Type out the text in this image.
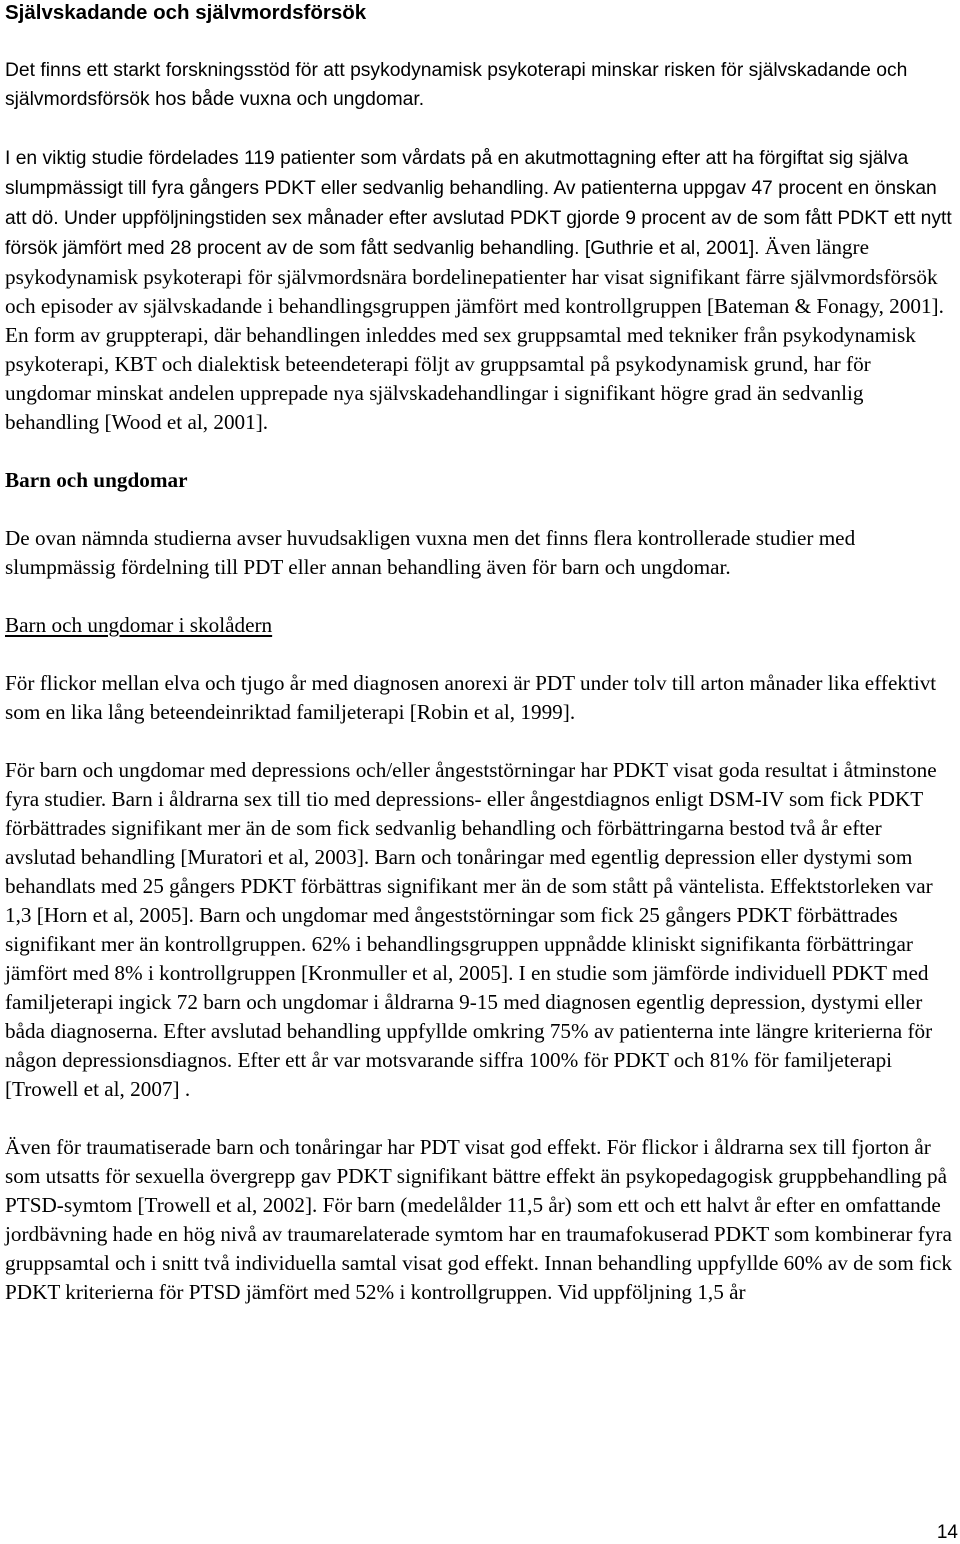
Självskadande och självmordsförsök

Det finns ett starkt forskningsstöd för att psykodynamisk psykoterapi minskar risken för självskadande och självmordsförsök hos både vuxna och ungdomar.

I en viktig studie fördelades 119 patienter som vårdats på en akutmottagning efter att ha förgiftat sig själva slumpmässigt till fyra gångers PDKT eller sedvanlig behandling. Av patienterna uppgav 47 procent en önskan att dö. Under uppföljningstiden sex månader efter avslutad PDKT gjorde 9 procent av de som fått PDKT ett nytt försök jämfört med 28 procent av de som fått sedvanlig behandling. [Guthrie et al, 2001]. Även längre psykodynamisk psykoterapi för självmordsnära bordelinepatienter har visat signifikant färre självmordsförsök och episoder av självskadande i behandlingsgruppen jämfört med kontrollgruppen [Bateman & Fonagy, 2001]. En form av gruppterapi, där behandlingen inleddes med sex gruppsamtal med tekniker från psykodynamisk psykoterapi, KBT och dialektisk beteendeterapi följt av gruppsamtal på psykodynamisk grund, har för ungdomar minskat andelen upprepade nya självskadehandlingar i signifikant högre grad än sedvanlig behandling [Wood et al, 2001].

Barn och ungdomar

De ovan nämnda studierna avser huvudsakligen vuxna men det finns flera kontrollerade studier med slumpmässig fördelning till PDT eller annan behandling även för barn och ungdomar.

Barn och ungdomar i skolådern

För flickor mellan elva och tjugo år med diagnosen anorexi är PDT under tolv till arton månader lika effektivt som en lika lång beteendeinriktad familjeterapi [Robin et al, 1999].

För barn och ungdomar med depressions och/eller ångeststörningar har PDKT visat goda resultat i åtminstone fyra studier. Barn i åldrarna sex till tio med depressions- eller ångestdiagnos enligt DSM-IV som fick PDKT förbättrades signifikant mer än de som fick sedvanlig behandling och förbättringarna bestod två år efter avslutad behandling [Muratori et al, 2003]. Barn och tonåringar med egentlig depression eller dystymi som behandlats med 25 gångers PDKT förbättras signifikant mer än de som stått på väntelista. Effektstorleken var 1,3 [Horn et al, 2005]. Barn och ungdomar med ångeststörningar som fick 25 gångers PDKT förbättrades signifikant mer än kontrollgruppen. 62% i behandlingsgruppen uppnådde kliniskt signifikanta förbättringar jämfört med 8% i kontrollgruppen [Kronmuller et al, 2005]. I en studie som jämförde individuell PDKT med familjeterapi ingick 72 barn och ungdomar i åldrarna 9-15 med diagnosen egentlig depression, dystymi eller båda diagnoserna. Efter avslutad behandling uppfyllde omkring 75% av patienterna inte längre kriterierna för någon depressionsdiagnos. Efter ett år var motsvarande siffra 100% för PDKT och 81% för familjeterapi [Trowell et al, 2007] .

Även för traumatiserade barn och tonåringar har PDT visat god effekt. För flickor i åldrarna sex till fjorton år som utsatts för sexuella övergrepp gav PDKT signifikant bättre effekt än psykopedagogisk gruppbehandling på PTSD-symtom [Trowell et al, 2002]. För barn (medelålder 11,5 år) som ett och ett halvt år efter en omfattande jordbävning hade en hög nivå av traumarelaterade symtom har en traumafokuserad PDKT som kombinerar fyra gruppsamtal och i snitt två individuella samtal visat god effekt. Innan behandling uppfyllde 60% av de som fick PDKT kriterierna för PTSD jämfört med 52% i kontrollgruppen. Vid uppföljning 1,5 år

14
